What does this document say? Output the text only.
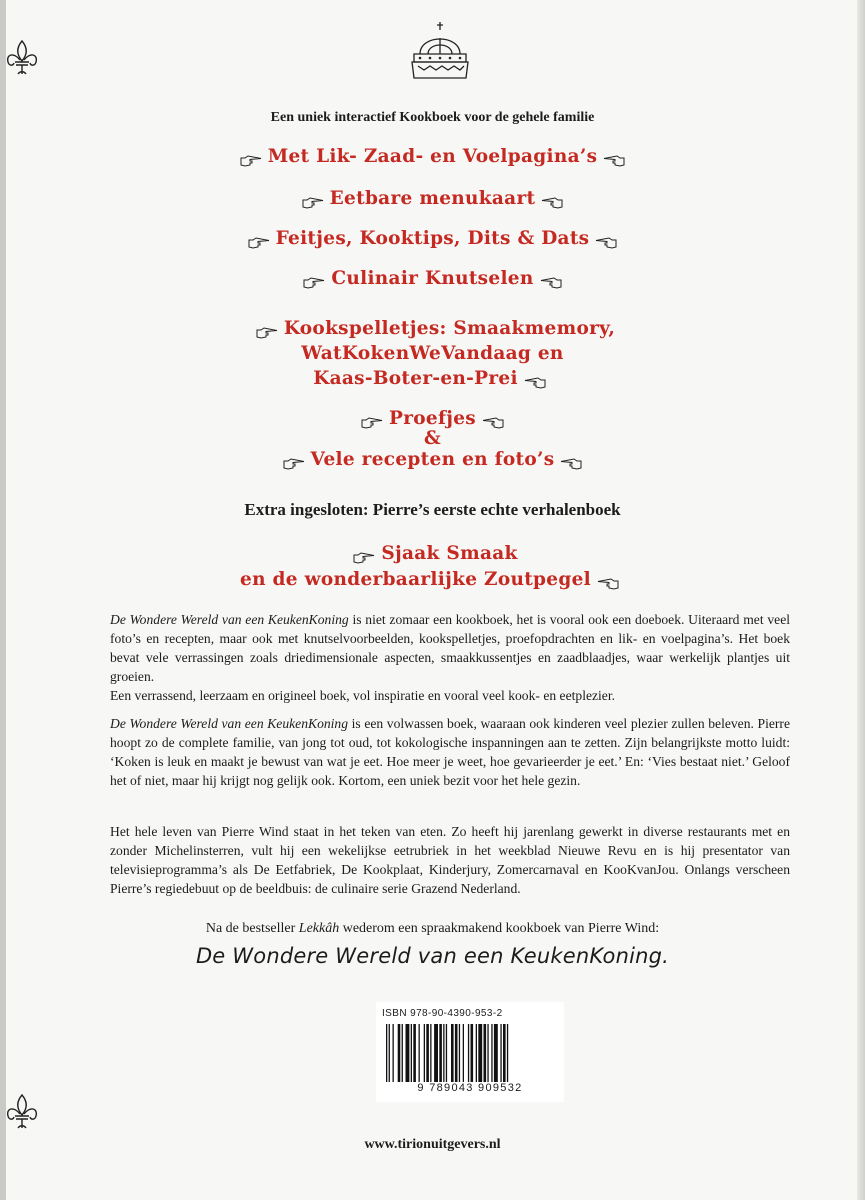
Een uniek interactief Kookboek voor de gehele familie
Met Lik- Zaad- en Voelpagina’s
Eetbare menukaart
Feitjes, Kooktips, Dits & Dats
Culinair Knutselen
Kookspelletjes: Smaakmemory,
WatKokenWeVandaag en
Kaas-Boter-en-Prei
Proefjes
&
Vele recepten en foto’s
Extra ingesloten: Pierre’s eerste echte verhalenboek
Sjaak Smaak
en de wonderbaarlijke Zoutpegel
De Wondere Wereld van een KeukenKoning is niet zomaar een kookboek, het is vooral ook een doeboek. Uiteraard met veel foto’s en recepten, maar ook met knutselvoorbeelden, kookspelletjes, proefopdrachten en lik- en voelpagina’s. Het boek bevat vele verrassingen zoals driedimensionale aspecten, smaakkussentjes en zaadblaadjes, waar werkelijk plantjes uit groeien.
Een verrassend, leerzaam en origineel boek, vol inspiratie en vooral veel kook- en eetplezier.
De Wondere Wereld van een KeukenKoning is een volwassen boek, waaraan ook kinderen veel plezier zullen beleven. Pierre hoopt zo de complete familie, van jong tot oud, tot kokologische inspanningen aan te zetten. Zijn belangrijkste motto luidt: ‘Koken is leuk en maakt je bewust van wat je eet. Hoe meer je weet, hoe gevarieerder je eet.’ En: ‘Vies bestaat niet.’ Geloof het of niet, maar hij krijgt nog gelijk ook. Kortom, een uniek bezit voor het hele gezin.
Het hele leven van Pierre Wind staat in het teken van eten. Zo heeft hij jarenlang gewerkt in diverse restaurants met en zonder Michelinsterren, vult hij een wekelijkse eetrubriek in het weekblad Nieuwe Revu en is hij presentator van televisieprogramma’s als De Eetfabriek, De Kookplaat, Kinderjury, Zomercarnaval en KooKvanJou. Onlangs verscheen Pierre’s regiedebuut op de beeldbuis: de culinaire serie Grazend Nederland.
Na de bestseller Lekkâh wederom een spraakmakend kookboek van Pierre Wind:
De Wondere Wereld van een KeukenKoning.
ISBN 978-90-4390-953-2
9 789043 909532
www.tirionuitgevers.nl
